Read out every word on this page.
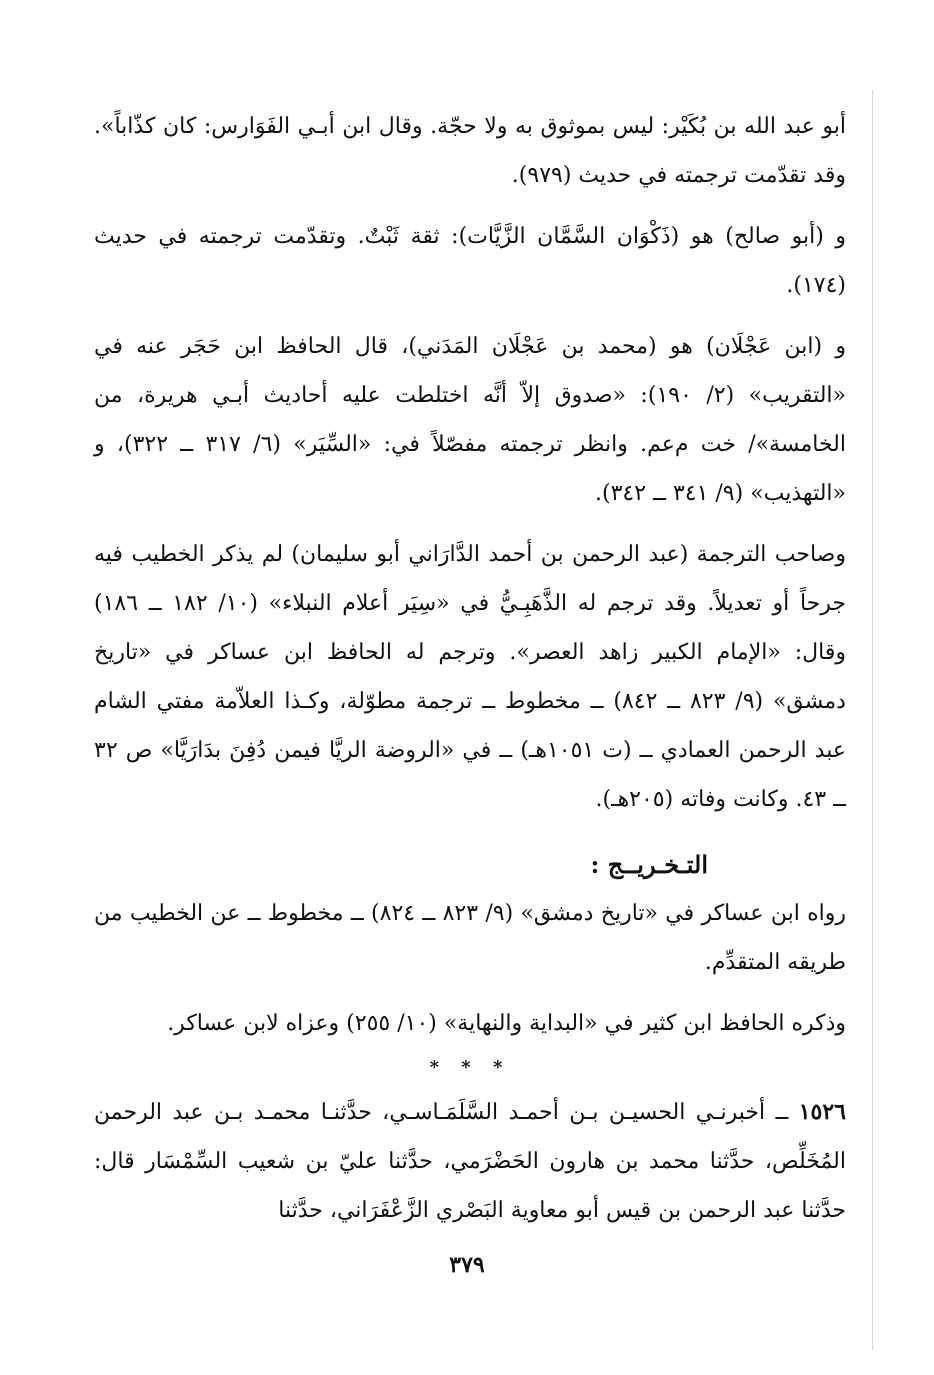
أبو عبد الله بن بُكَيْر: ليس بموثوق به ولا حجّة. وقال ابن أبـي الفَوَارس: كان كذّاباً». وقد تقدّمت ترجمته في حديث (٩٧٩).

و (أبو صالح) هو (ذَكْوَان السَّمَّان الزَّيَّات): ثقة ثَبْتٌ. وتقدّمت ترجمته في حديث (١٧٤).

و (ابن عَجْلَان) هو (محمد بن عَجْلَان المَدَني)، قال الحافظ ابن حَجَر عنه في «التقريب» (٢/ ١٩٠): «صدوق إلاّ أنَّه اختلطت عليه أحاديث أبـي هريرة، من الخامسة»/ خت م‌عم. وانظر ترجمته مفصّلاً في: «السِّيَر» (٦/ ٣١٧ ــ ٣٢٢)، و «التهذيب» (٩/ ٣٤١ ــ ٣٤٢).

وصاحب الترجمة (عبد الرحمن بن أحمد الدَّارَاني أبو سليمان) لم يذكر الخطيب فيه جرحاً أو تعديلاً. وقد ترجم له الذَّهَبِـيُّ في «سِيَر أعلام النبلاء» (١٠/ ١٨٢ ــ ١٨٦) وقال: «الإمام الكبير زاهد العصر». وترجم له الحافظ ابن عساكر في «تاريخ دمشق» (٩/ ٨٢٣ ــ ٨٤٢) ــ مخطوط ــ ترجمة مطوّلة، وكـذا العلاّمة مفتي الشام عبد الرحمن العمادي ــ (ت ١٠٥١هـ) ــ في «الروضة الريَّا فيمن دُفِنَ بدَارَيَّا» ص ٣٢ ــ ٤٣. وكانت وفاته (٢٠٥هـ).

التـخـريــج :

رواه ابن عساكر في «تاريخ دمشق» (٩/ ٨٢٣ ــ ٨٢٤) ــ مخطوط ــ عن الخطيب من طريقه المتقدِّم.

وذكره الحافظ ابن كثير في «البداية والنهاية» (١٠/ ٢٥٥) وعزاه لابن عساكر.

* * *

١٥٢٦ ــ أخبرنـي الحسيـن بـن أحمـد السَّلَمَـاسـي، حدَّثنـا محمـد بـن عبد الرحمن المُخَلِّص، حدَّثنا محمد بن هارون الحَضْرَمي، حدَّثنا عليّ بن شعيب السِّمْسَار قال: حدَّثنا عبد الرحمن بن قيس أبو معاوية البَصْري الزَّعْفَرَاني، حدَّثنا

٣٧٩
